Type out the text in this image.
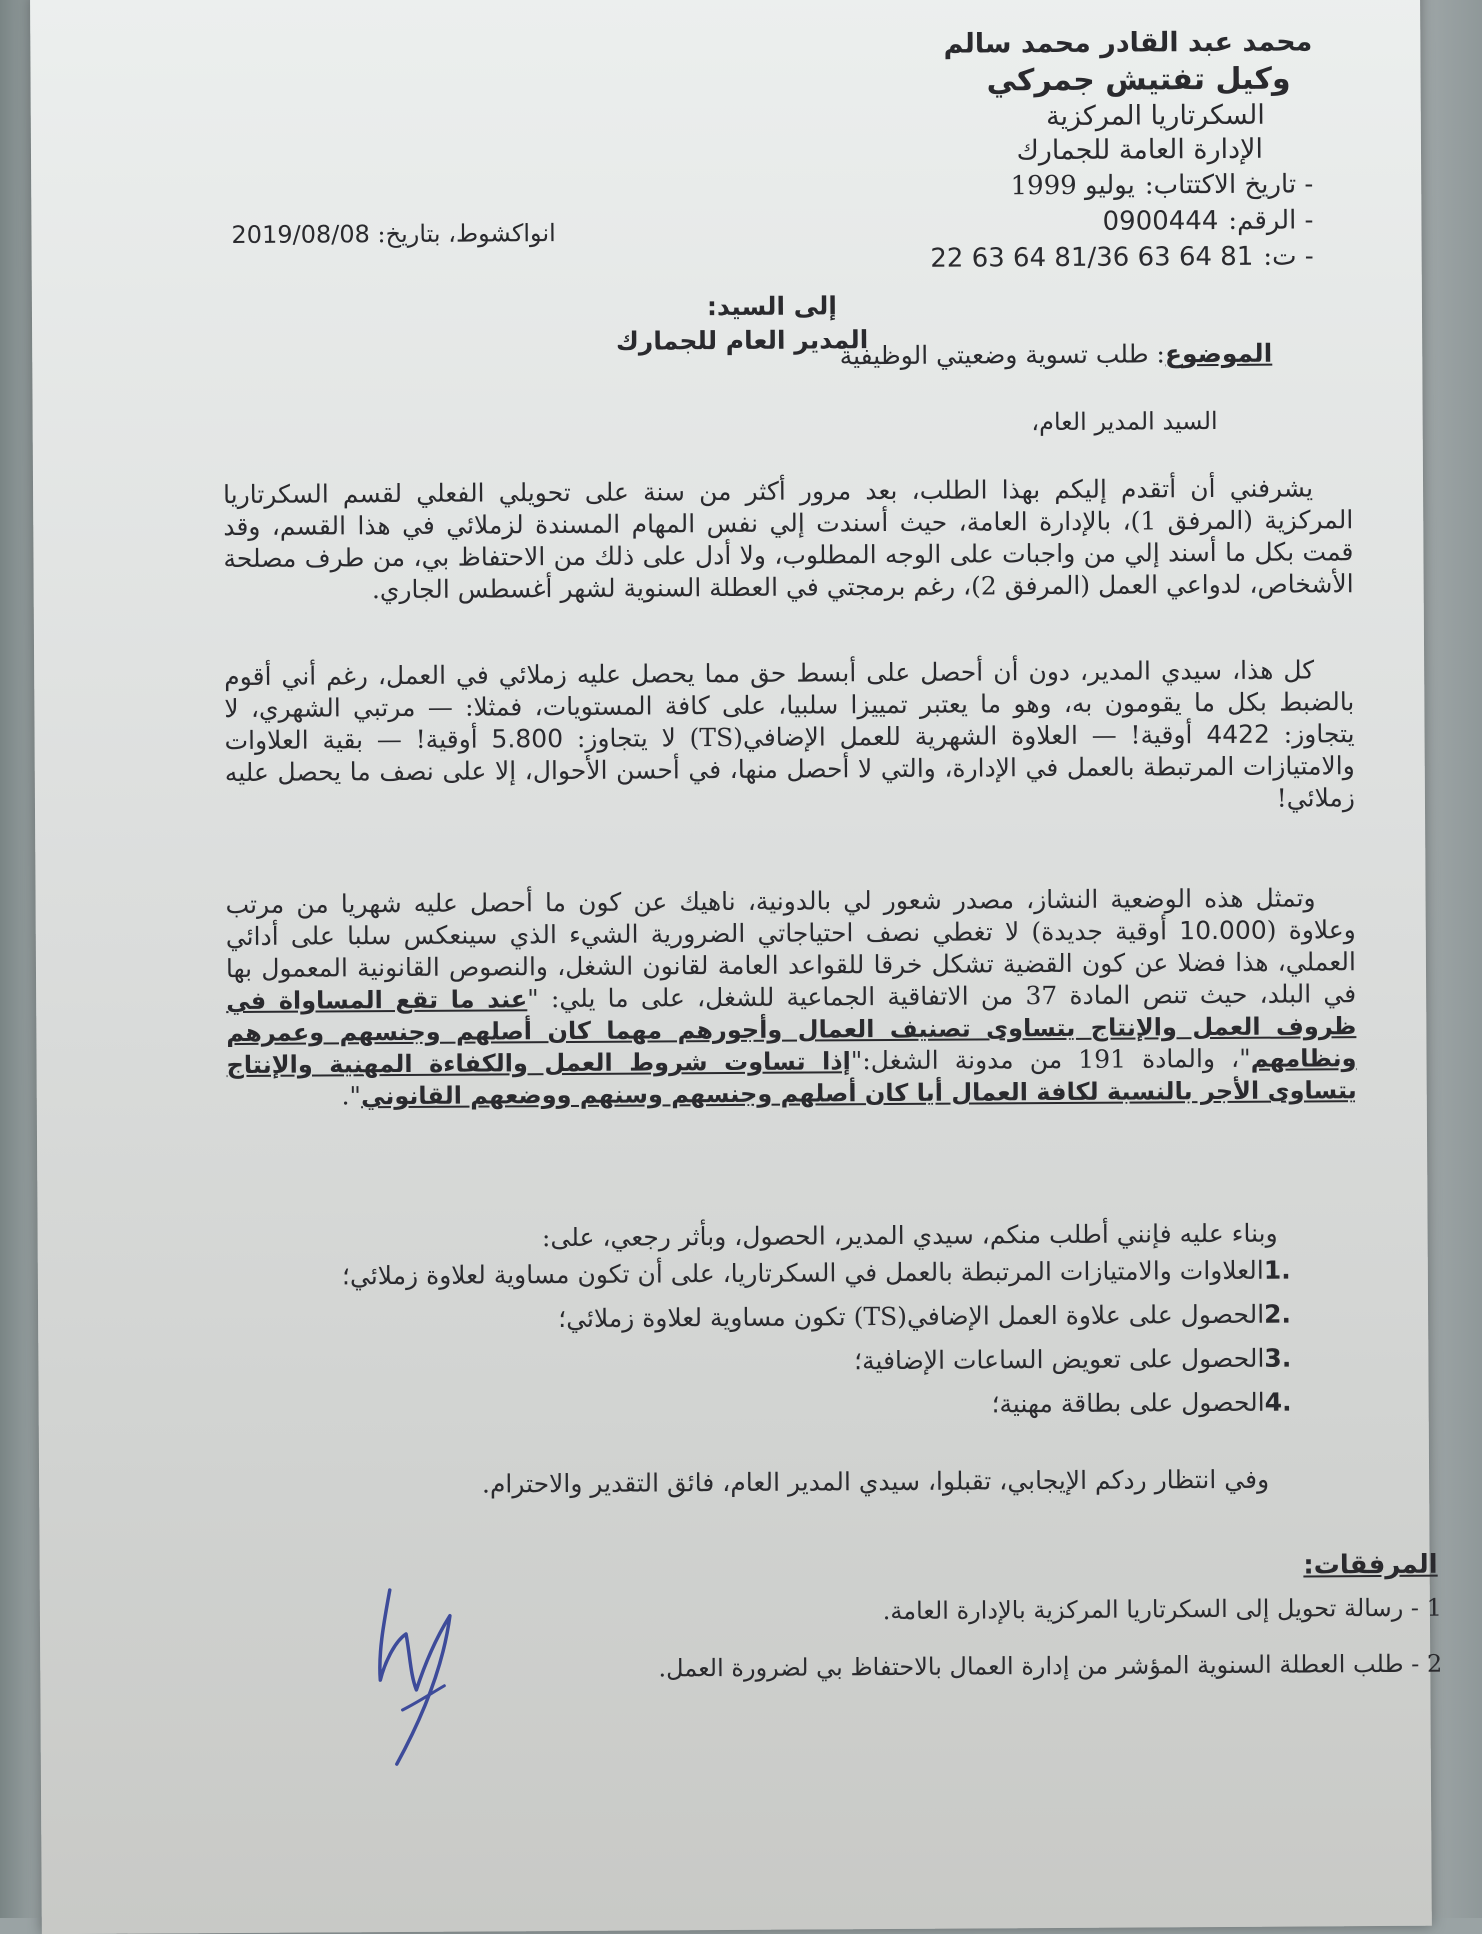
محمد عبد القادر محمد سالم
وكيل تفتيش جمركي
السكرتاريا المركزية
الإدارة العامة للجمارك
- تاريخ الاكتتاب:يوليو 1999
- الرقم:0900444
- ت:22 63 64 81/36 63 64 81
انواكشوط، بتاريخ: 2019/08/08
إلى السيد:
المدير العام للجمارك	الموضوع: طلب تسوية وضعيتي الوظيفية
السيد المدير العام،
يشرفني أن أتقدم إليكم بهذا الطلب، بعد مرور أكثر من سنة على تحويلي الفعلي لقسم السكرتاريا المركزية (المرفق 1)، بالإدارة العامة، حيث أسندت إلي نفس المهام المسندة لزملائي في هذا القسم، وقد قمت بكل ما أسند إلي من واجبات على الوجه المطلوب، ولا أدل على ذلك من الاحتفاظ بي، من طرف مصلحة الأشخاص، لدواعي العمل (المرفق 2)، رغم برمجتي في العطلة السنوية لشهر أغسطس الجاري.
كل هذا، سيدي المدير، دون أن أحصل على أبسط حق مما يحصل عليه زملائي في العمل، رغم أني أقوم بالضبط بكل ما يقومون به، وهو ما يعتبر تمييزا سلبيا، على كافة المستويات، فمثلا: — مرتبي الشهري، لا يتجاوز: 4422 أوقية! — العلاوة الشهرية للعمل الإضافي(TS) لا يتجاوز: 5.800 أوقية! — بقية العلاوات والامتيازات المرتبطة بالعمل في الإدارة، والتي لا أحصل منها، في أحسن الأحوال، إلا على نصف ما يحصل عليه زملائي!
وتمثل هذه الوضعية النشاز، مصدر شعور لي بالدونية، ناهيك عن كون ما أحصل عليه شهريا من مرتب وعلاوة (10.000 أوقية جديدة) لا تغطي نصف احتياجاتي الضرورية الشيء الذي سينعكس سلبا على أدائي العملي، هذا فضلا عن كون القضية تشكل خرقا للقواعد العامة لقانون الشغل، والنصوص القانونية المعمول بها في البلد، حيث تنص المادة 37 من الاتفاقية الجماعية للشغل، على ما يلي: "عند ما تقع المساواة في ظروف العمل والإنتاج يتساوى تصنيف العمال وأجورهم مهما كان أصلهم وجنسهم وعمرهم ونظامهم"، والمادة 191 من مدونة الشغل:"إذا تساوت شروط العمل والكفاءة المهنية والإنتاج يتساوى الأجر بالنسبة لكافة العمال أيا كان أصلهم وجنسهم وسنهم ووضعهم القانوني".
وبناء عليه فإنني أطلب منكم، سيدي المدير، الحصول، وبأثر رجعي، على:
1.العلاوات والامتيازات المرتبطة بالعمل في السكرتاريا، على أن تكون مساوية لعلاوة زملائي؛
2.الحصول على علاوة العمل الإضافي(TS) تكون مساوية لعلاوة زملائي؛
3.الحصول على تعويض الساعات الإضافية؛
4.الحصول على بطاقة مهنية؛
وفي انتظار ردكم الإيجابي، تقبلوا، سيدي المدير العام، فائق التقدير والاحترام.
المرفقات:
1 - رسالة تحويل إلى السكرتاريا المركزية بالإدارة العامة.
2 - طلب العطلة السنوية المؤشر من إدارة العمال بالاحتفاظ بي لضرورة العمل.
